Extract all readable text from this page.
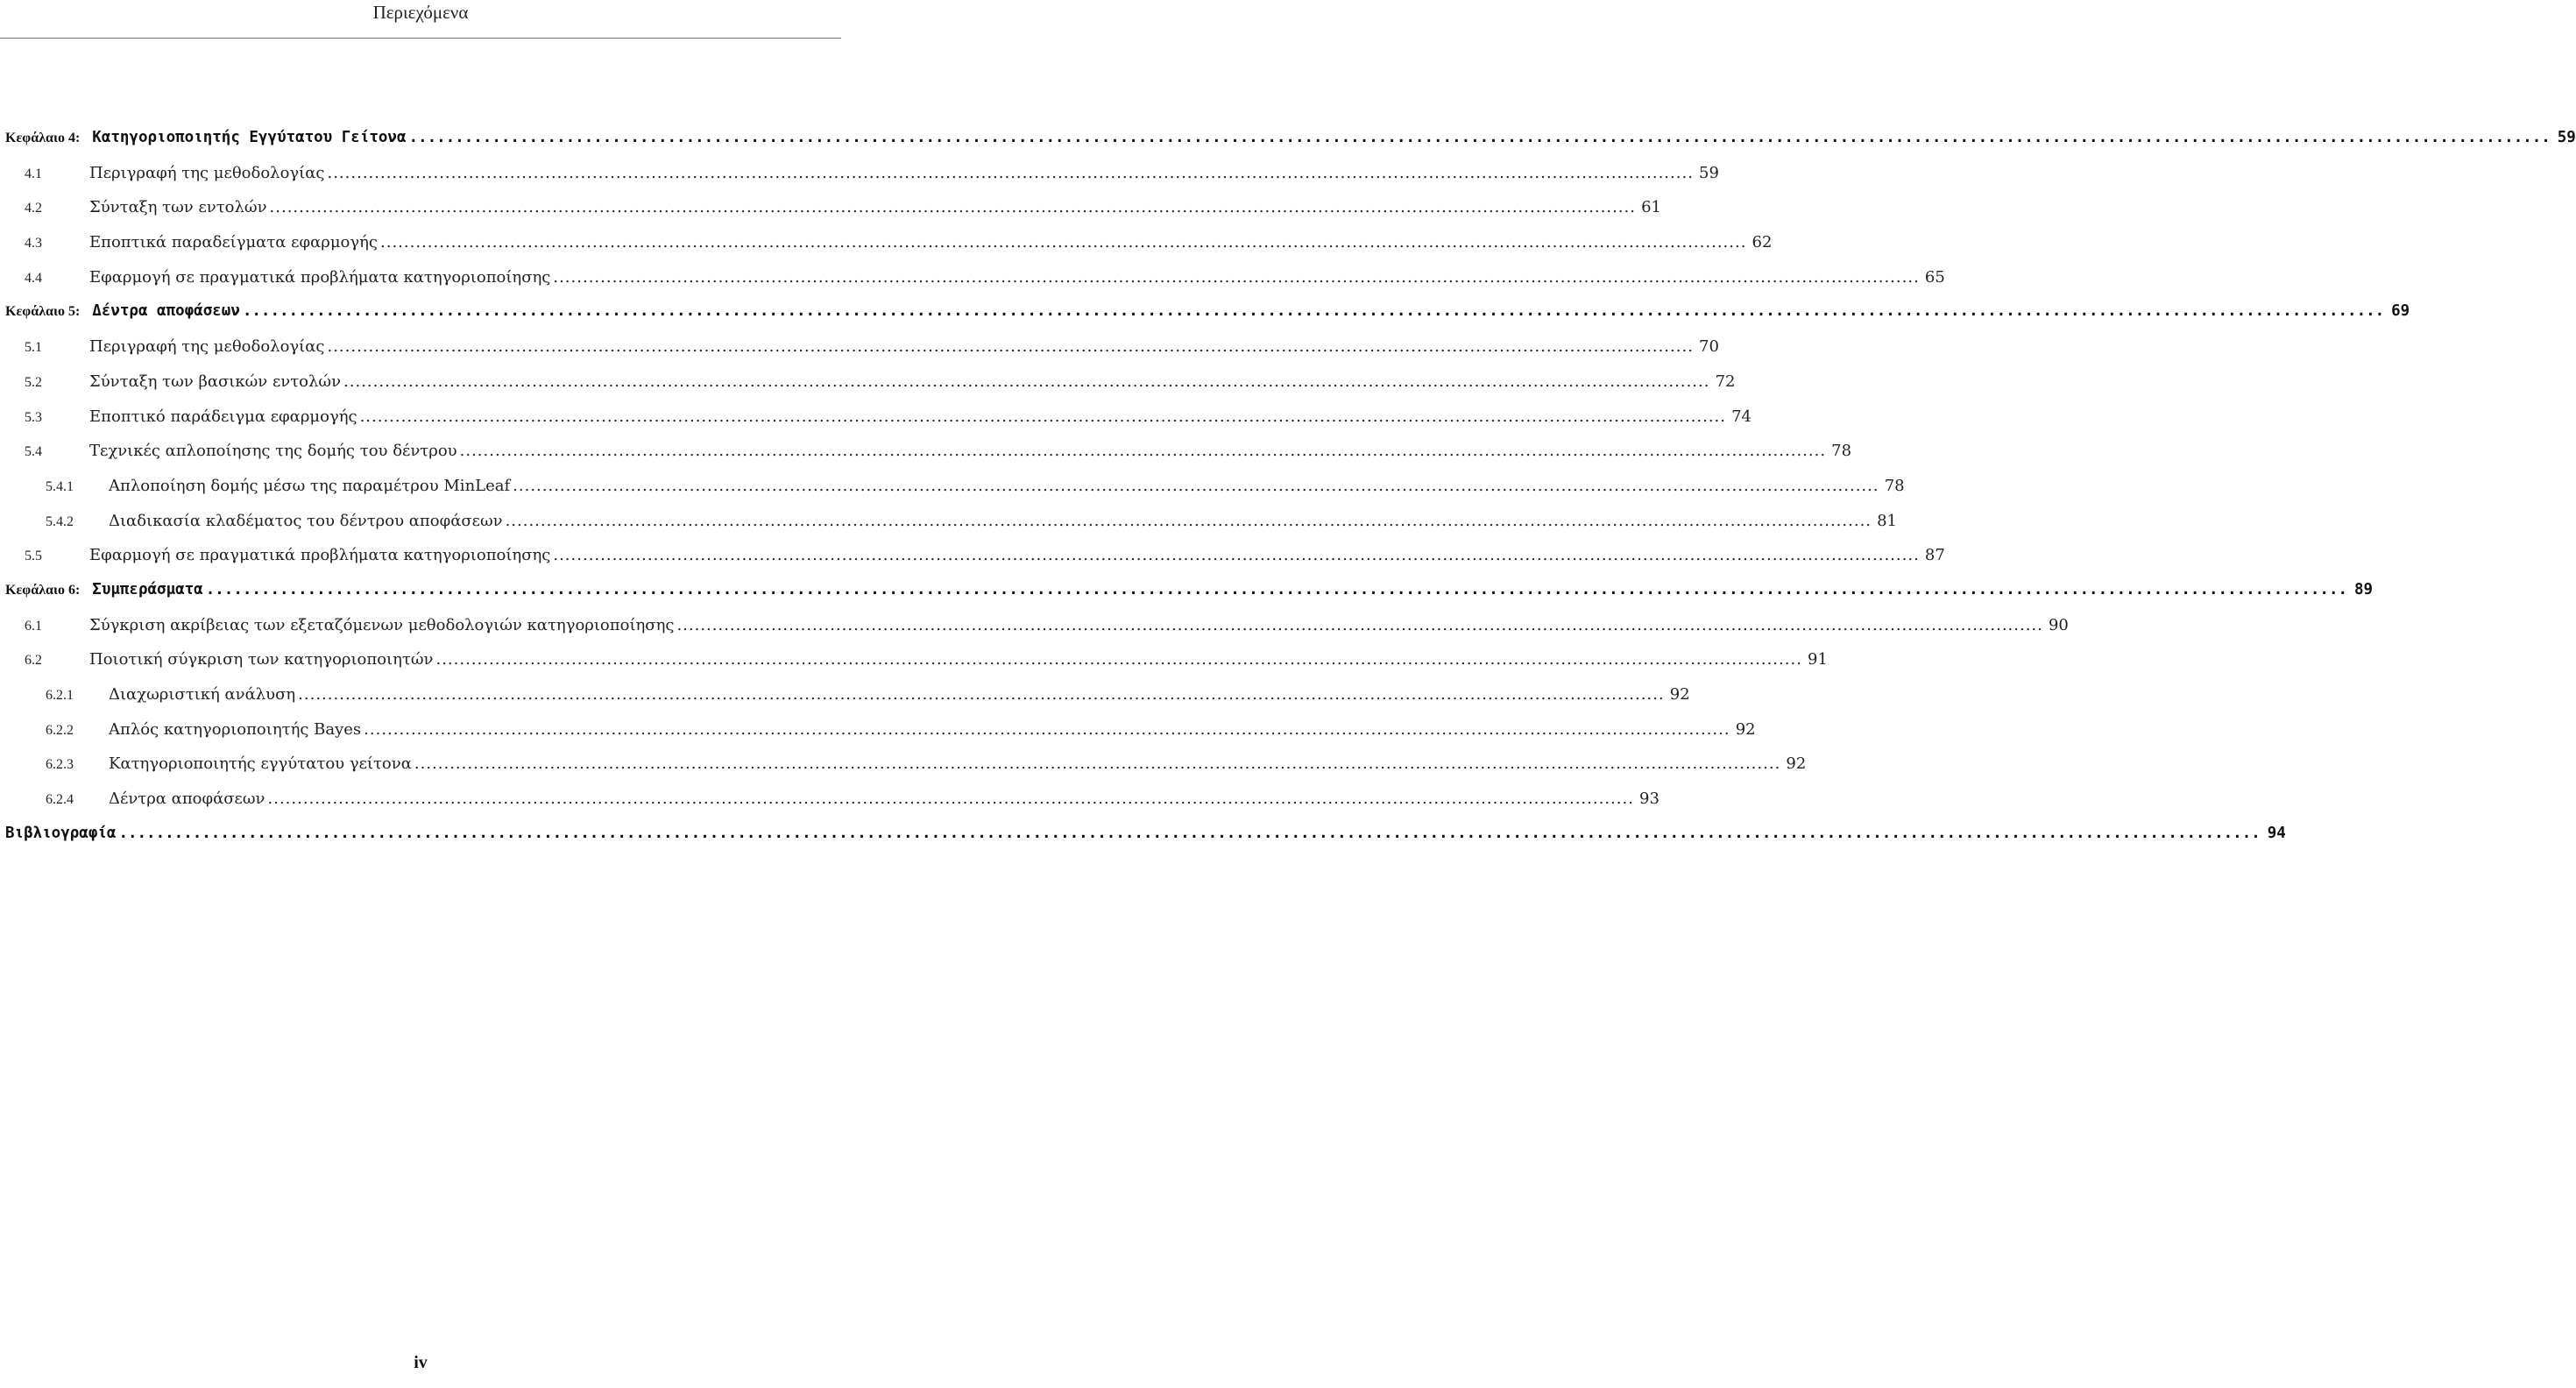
Περιεχόμενα
Κεφάλαιο 4: Κατηγοριοποιητής Εγγύτατου Γείτονα .....	59
4.1	Περιγραφή της μεθοδολογίας .....	59
4.2	Σύνταξη των εντολών .....	61
4.3	Εποπτικά παραδείγματα εφαρμογής .....	62
4.4	Εφαρμογή σε πραγματικά προβλήματα κατηγοριοποίησης .....	65
Κεφάλαιο 5: Δέντρα αποφάσεων .....	69
5.1	Περιγραφή της μεθοδολογίας .....	70
5.2	Σύνταξη των βασικών εντολών .....	72
5.3	Εποπτικό παράδειγμα εφαρμογής .....	74
5.4	Τεχνικές απλοποίησης της δομής του δέντρου .....	78
5.4.1	Απλοποίηση δομής μέσω της παραμέτρου MinLeaf .....	78
5.4.2	Διαδικασία κλαδέματος του δέντρου αποφάσεων .....	81
5.5	Εφαρμογή σε πραγματικά προβλήματα κατηγοριοποίησης .....	87
Κεφάλαιο 6: Συμπεράσματα .....	89
6.1	Σύγκριση ακρίβειας των εξεταζόμενων μεθοδολογιών κατηγοριοποίησης .....	90
6.2	Ποιοτική σύγκριση των κατηγοριοποιητών .....	91
6.2.1	Διαχωριστική ανάλυση .....	92
6.2.2	Απλός κατηγοριοποιητής Bayes .....	92
6.2.3	Κατηγοριοποιητής εγγύτατου γείτονα .....	92
6.2.4	Δέντρα αποφάσεων .....	93
Βιβλιογραφία .....	94
iv
